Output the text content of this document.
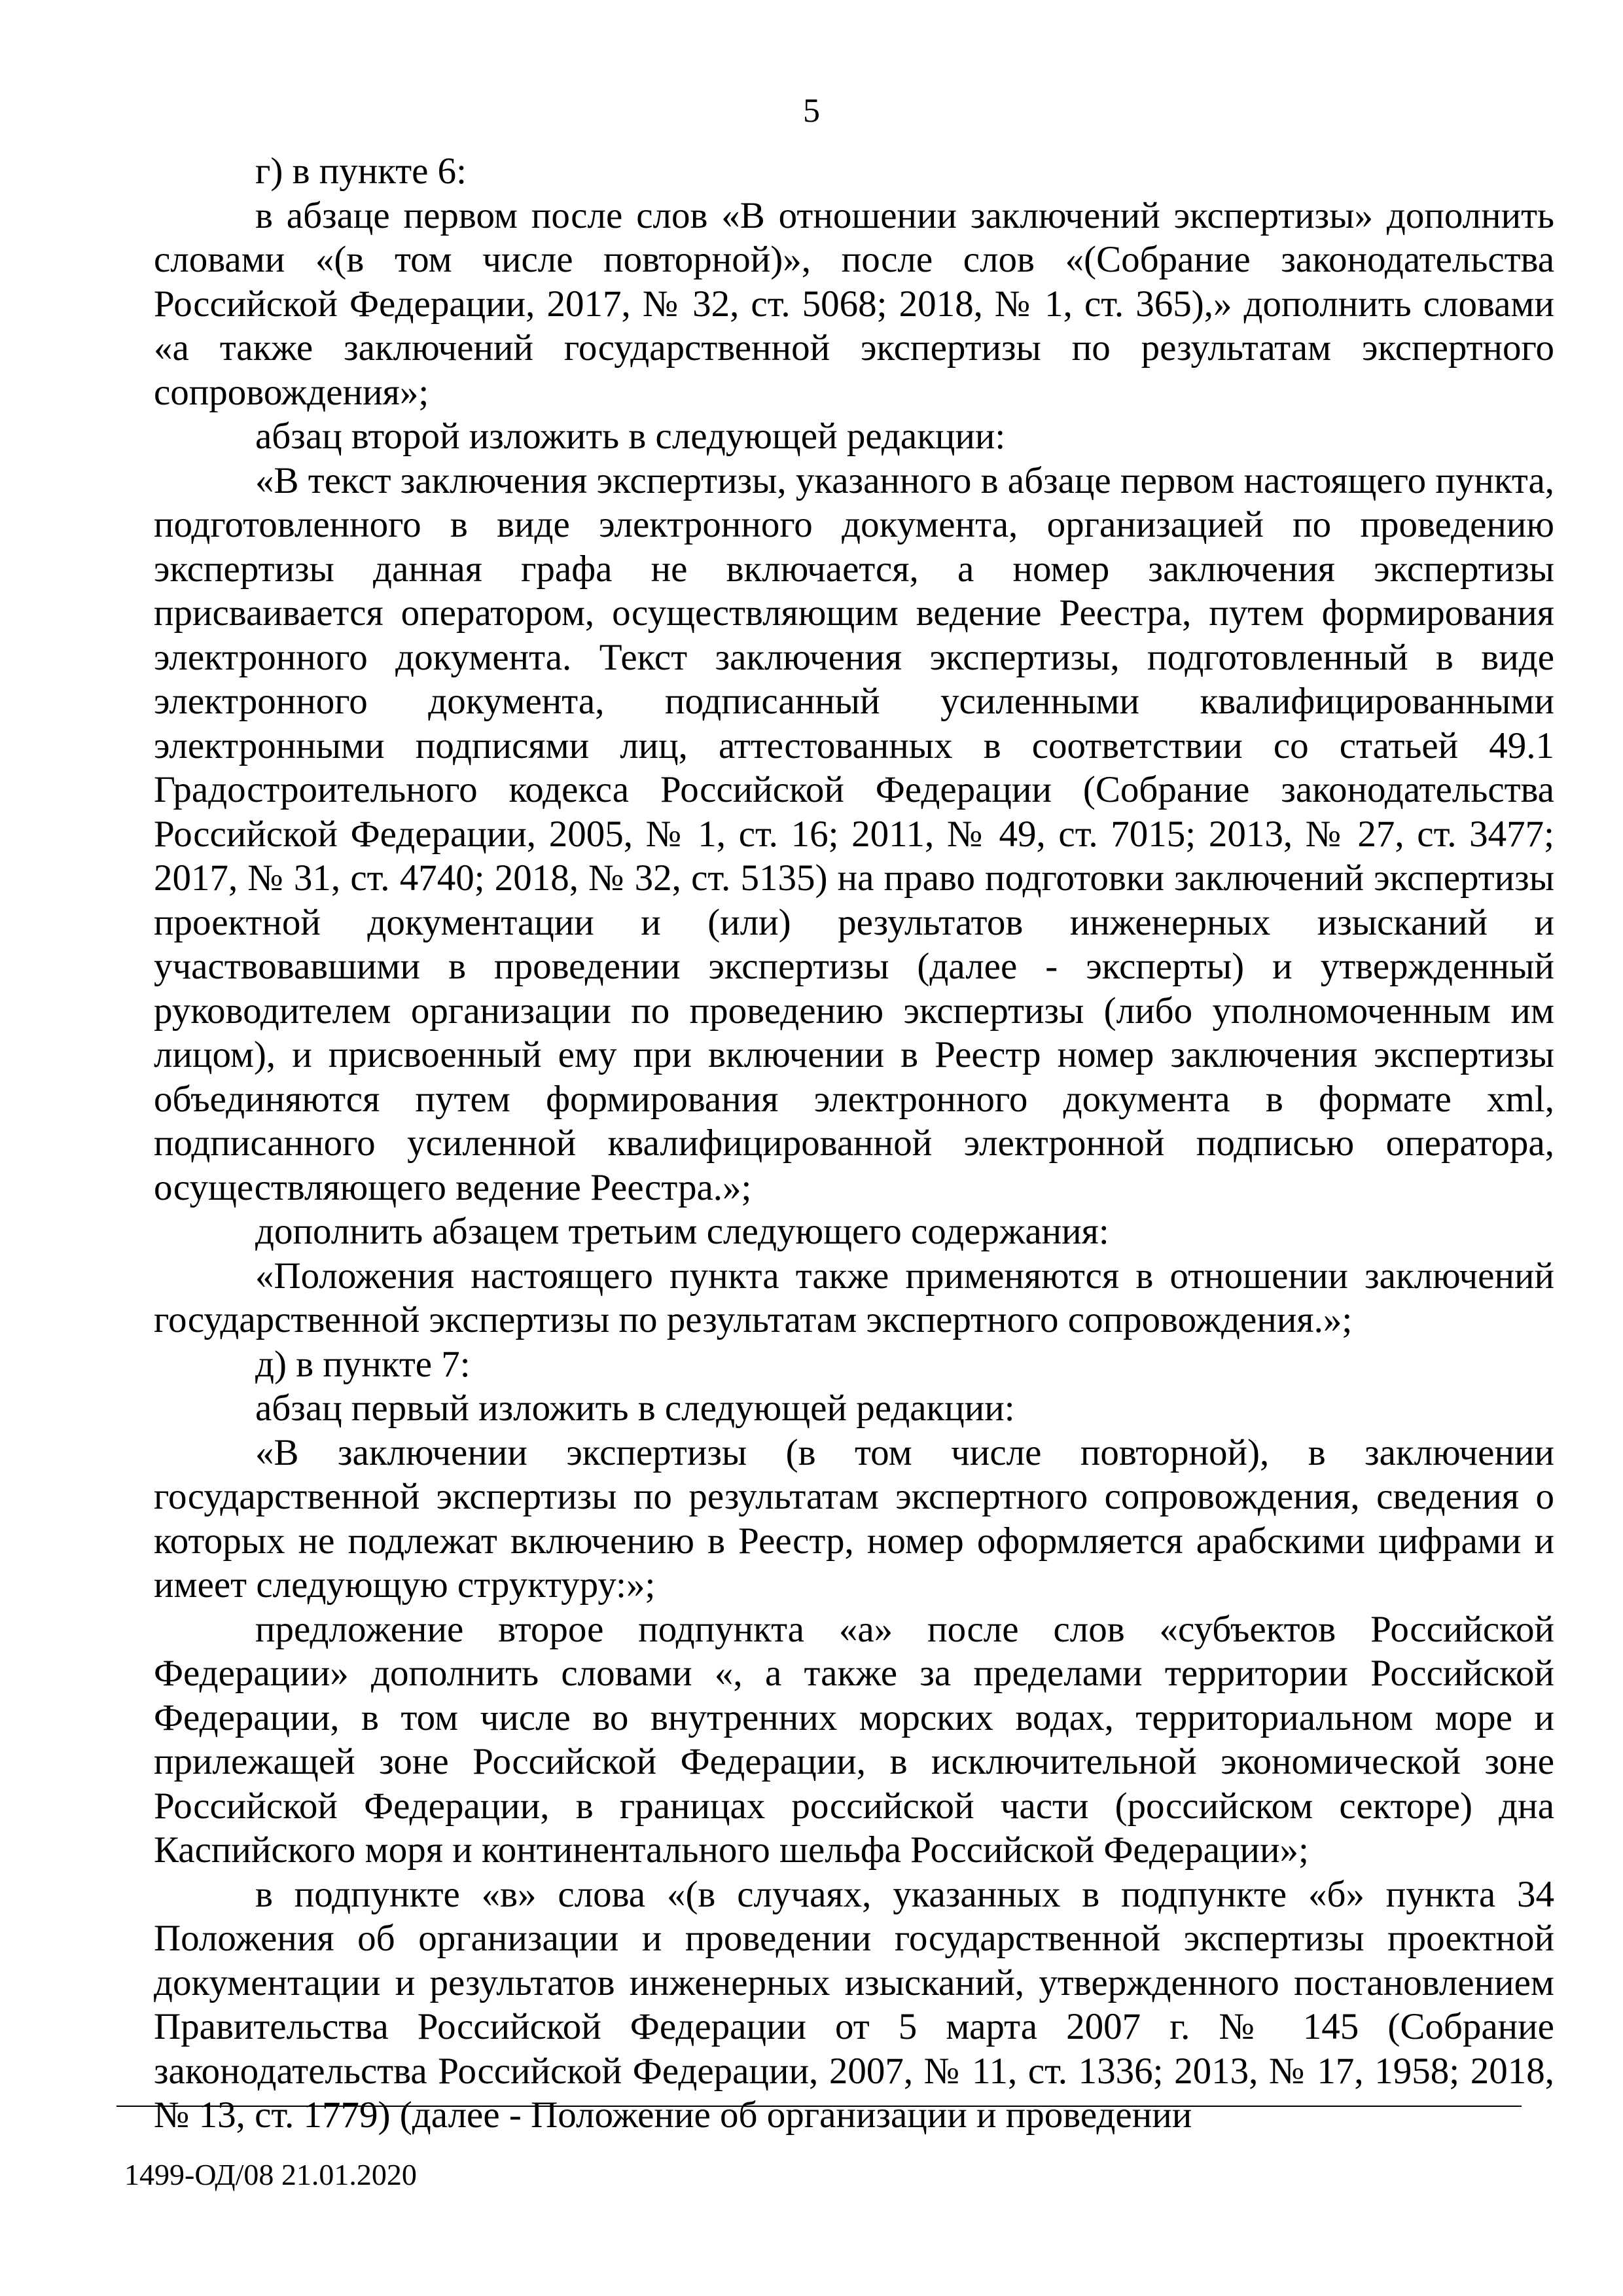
5

г) в пункте 6:

в абзаце первом после слов «В отношении заключений экспертизы» дополнить словами «(в том числе повторной)», после слов «(Собрание законодательства Российской Федерации, 2017, № 32, ст. 5068; 2018, № 1, ст. 365),» дополнить словами «а также заключений государственной экспертизы по результатам экспертного сопровождения»;

абзац второй изложить в следующей редакции:

«В текст заключения экспертизы, указанного в абзаце первом настоящего пункта, подготовленного в виде электронного документа, организацией по проведению экспертизы данная графа не включается, а номер заключения экспертизы присваивается оператором, осуществляющим ведение Реестра, путем формирования электронного документа. Текст заключения экспертизы, подготовленный в виде электронного документа, подписанный усиленными квалифицированными электронными подписями лиц, аттестованных в соответствии со статьей 49.1 Градостроительного кодекса Российской Федерации (Собрание законодательства Российской Федерации, 2005, № 1, ст. 16; 2011, № 49, ст. 7015; 2013, № 27, ст. 3477; 2017, № 31, ст. 4740; 2018, № 32, ст. 5135) на право подготовки заключений экспертизы проектной документации и (или) результатов инженерных изысканий и участвовавшими в проведении экспертизы (далее - эксперты) и утвержденный руководителем организации по проведению экспертизы (либо уполномоченным им лицом), и присвоенный ему при включении в Реестр номер заключения экспертизы объединяются путем формирования электронного документа в формате xml, подписанного усиленной квалифицированной электронной подписью оператора, осуществляющего ведение Реестра.»;

дополнить абзацем третьим следующего содержания:

«Положения настоящего пункта также применяются в отношении заключений государственной экспертизы по результатам экспертного сопровождения.»;

д) в пункте 7:

абзац первый изложить в следующей редакции:

«В заключении экспертизы (в том числе повторной), в заключении государственной экспертизы по результатам экспертного сопровождения, сведения о которых не подлежат включению в Реестр, номер оформляется арабскими цифрами и имеет следующую структуру:»;

предложение второе подпункта «а» после слов «субъектов Российской Федерации» дополнить словами «, а также за пределами территории Российской Федерации, в том числе во внутренних морских водах, территориальном море и прилежащей зоне Российской Федерации, в исключительной экономической зоне Российской Федерации, в границах российской части (российском секторе) дна Каспийского моря и континентального шельфа Российской Федерации»;

в подпункте «в» слова «(в случаях, указанных в подпункте «б» пункта 34 Положения об организации и проведении государственной экспертизы проектной документации и результатов инженерных изысканий, утвержденного постановлением Правительства Российской Федерации от 5 марта 2007 г. № 145 (Собрание законодательства Российской Федерации, 2007, № 11, ст. 1336; 2013, № 17, 1958; 2018, № 13, ст. 1779) (далее - Положение об организации и проведении

1499-ОД/08 21.01.2020
